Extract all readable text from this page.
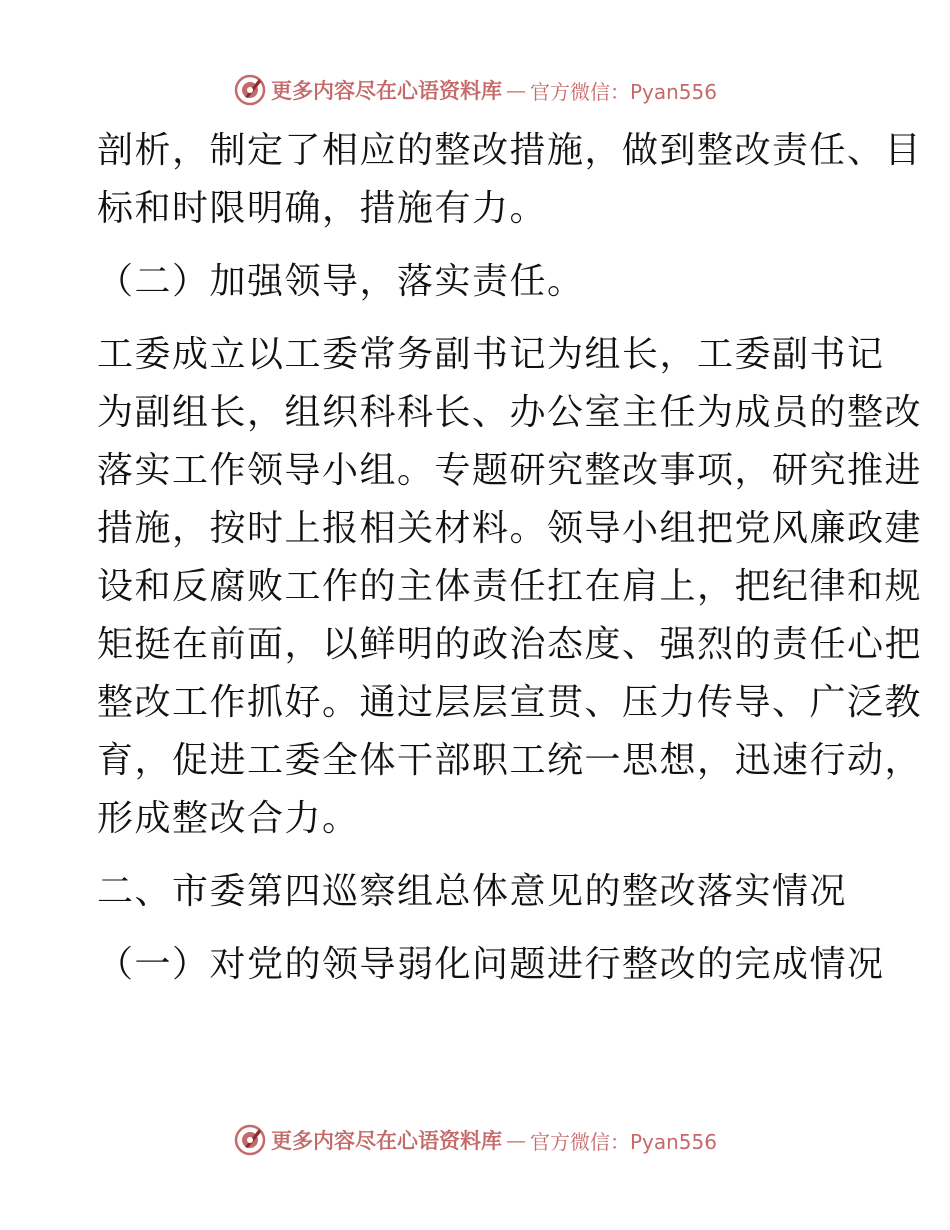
更多内容尽在心语资料库 — 官方微信：Pyan556
剖析，制定了相应的整改措施，做到整改责任、目
标和时限明确，措施有力。
（二）加强领导，落实责任。
工委成立以工委常务副书记为组长，工委副书记
为副组长，组织科科长、办公室主任为成员的整改
落实工作领导小组。专题研究整改事项，研究推进
措施，按时上报相关材料。领导小组把党风廉政建
设和反腐败工作的主体责任扛在肩上，把纪律和规
矩挺在前面，以鲜明的政治态度、强烈的责任心把
整改工作抓好。通过层层宣贯、压力传导、广泛教
育，促进工委全体干部职工统一思想，迅速行动，
形成整改合力。
二、市委第四巡察组总体意见的整改落实情况
（一）对党的领导弱化问题进行整改的完成情况
更多内容尽在心语资料库 — 官方微信：Pyan556
